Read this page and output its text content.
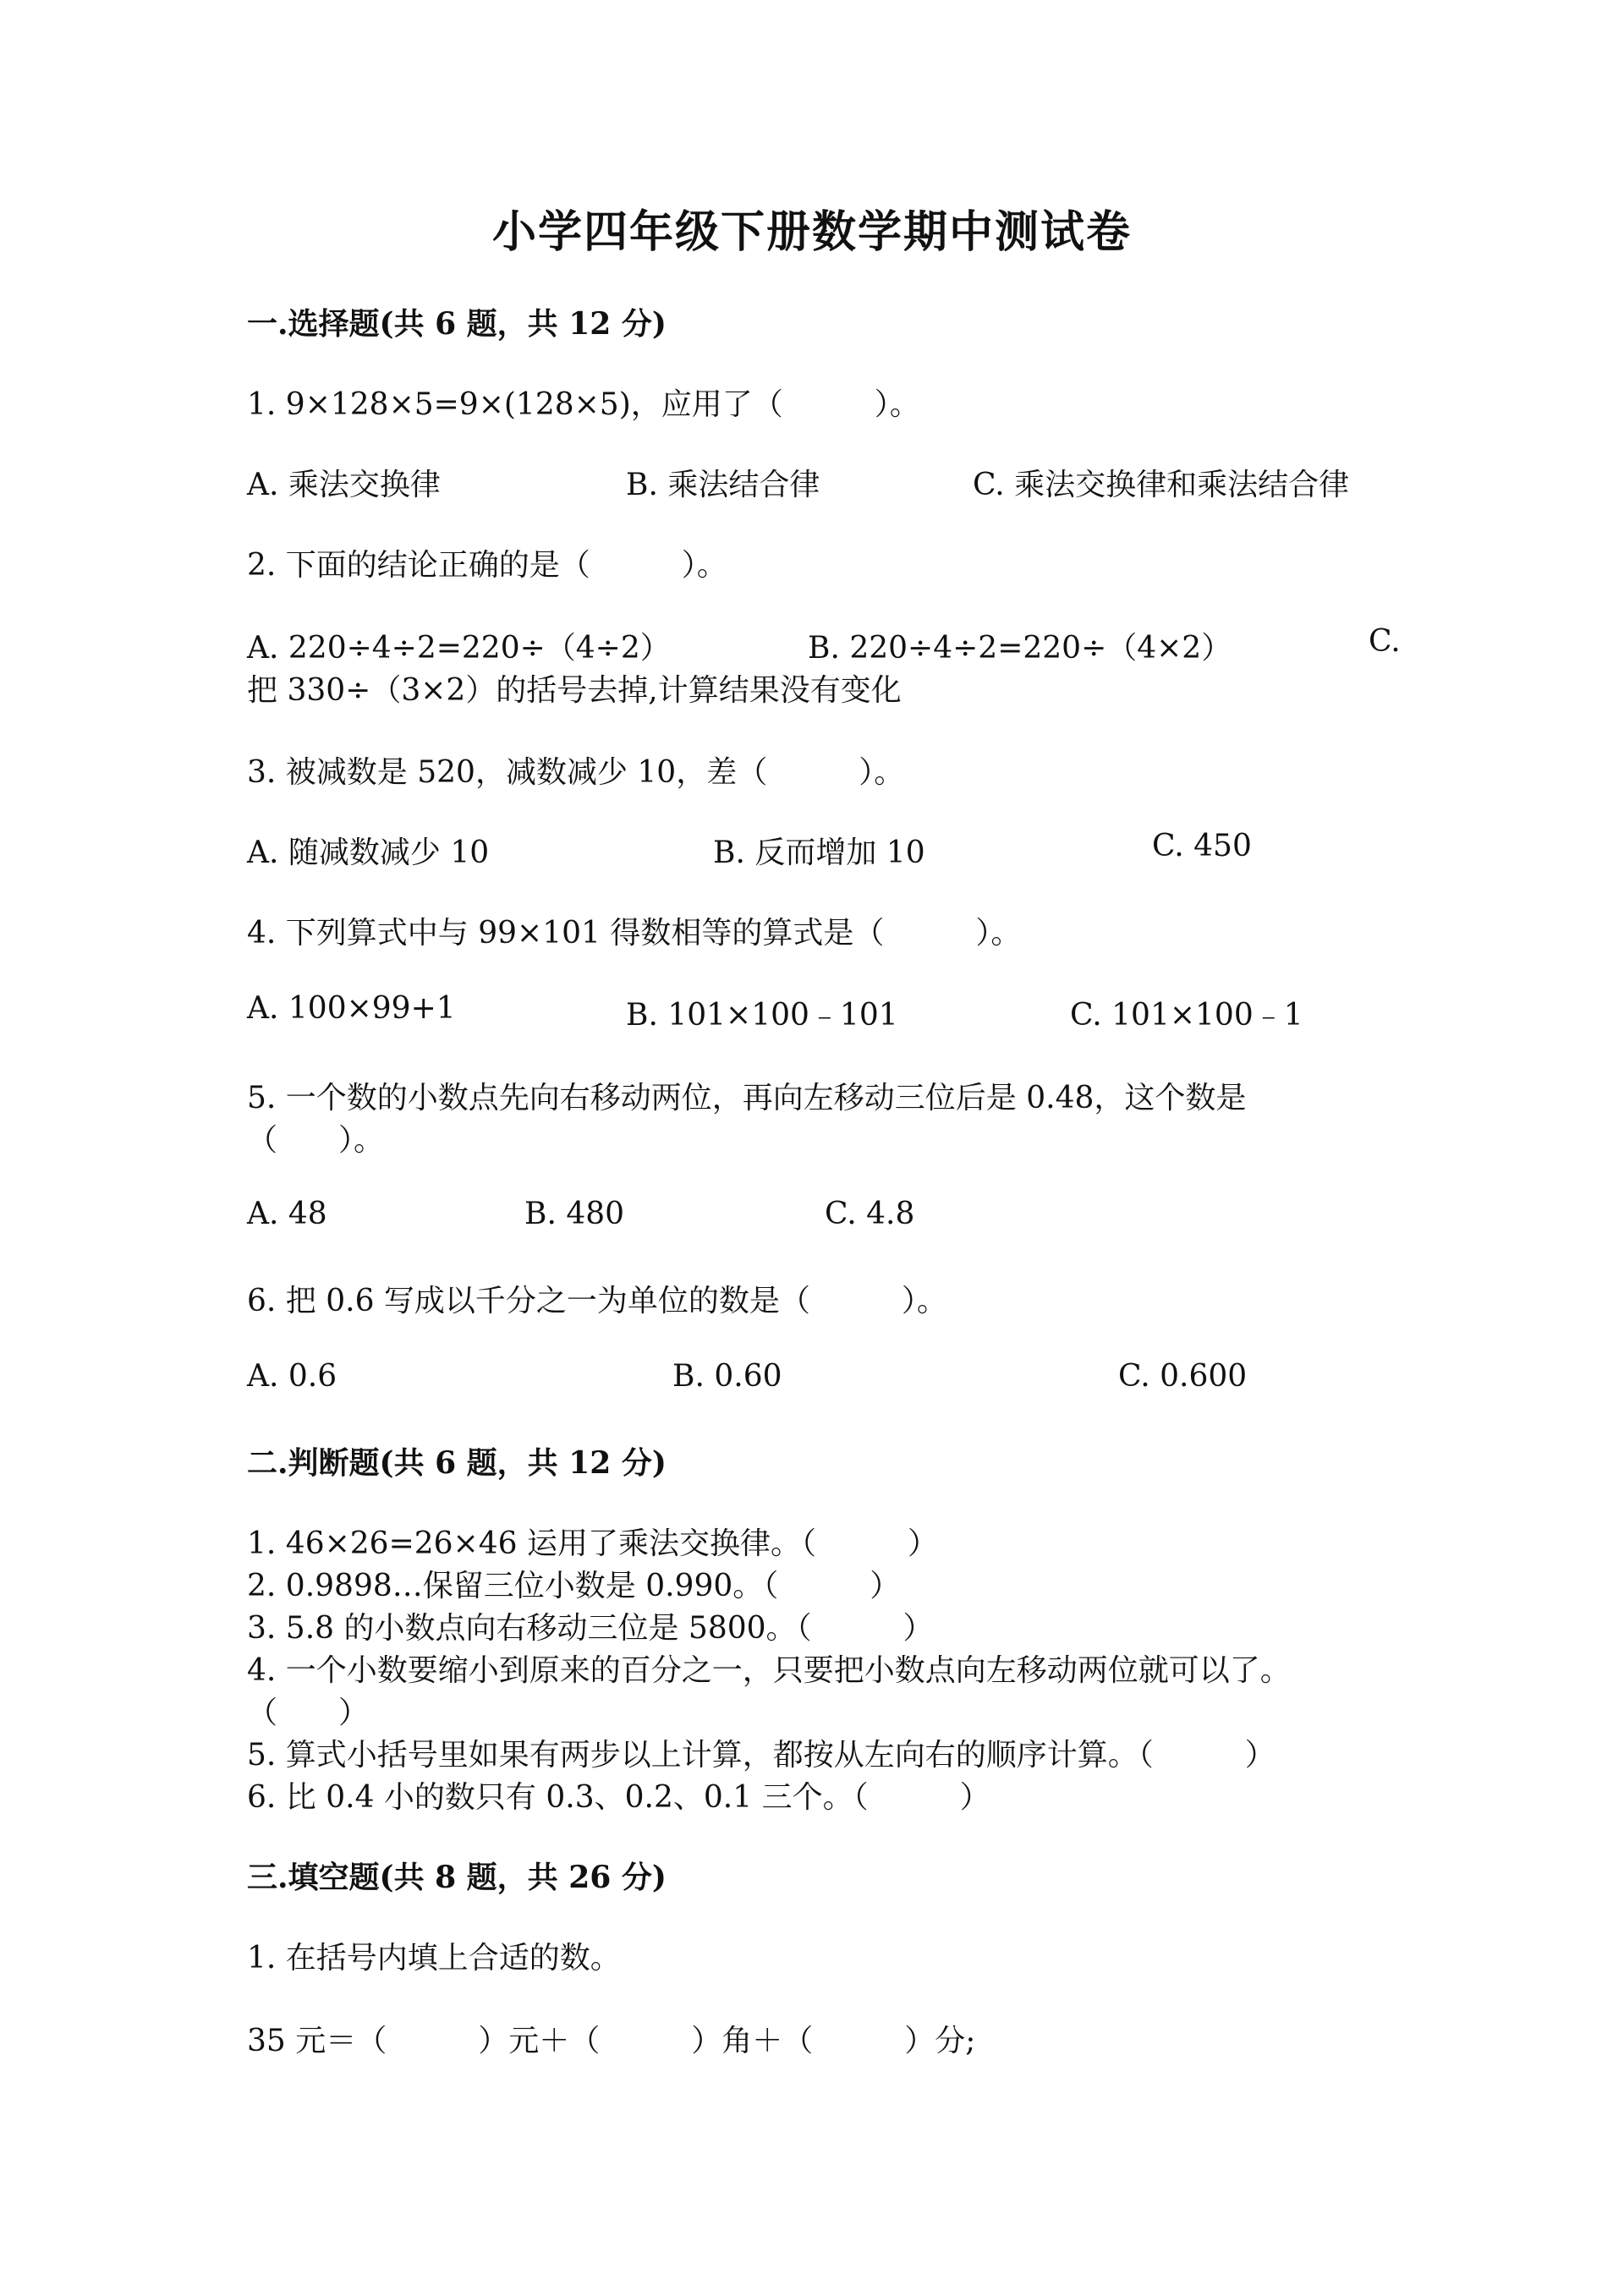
小学四年级下册数学期中测试卷
一.选择题(共 6 题，共 12 分)
1. 9×128×5=9×(128×5)，应用了（　　　）。
A. 乘法交换律	B. 乘法结合律	C. 乘法交换律和乘法结合律
2. 下面的结论正确的是（　　　）。
A. 220÷4÷2=220÷（4÷2）	B. 220÷4÷2=220÷（4×2）	C.
把 330÷（3×2）的括号去掉,计算结果没有变化
3. 被减数是 520，减数减少 10，差（　　　）。
A. 随减数减少 10	B. 反而增加 10	C. 450
4. 下列算式中与 99×101 得数相等的算式是（　　　）。
A. 100×99+1	B. 101×100﹣101	C. 101×100﹣1
5. 一个数的小数点先向右移动两位，再向左移动三位后是 0.48，这个数是
（　　）。
A. 48	B. 480	C. 4.8
6. 把 0.6 写成以千分之一为单位的数是（　　　）。
A. 0.6	B. 0.60	C. 0.600
二.判断题(共 6 题，共 12 分)
1. 46×26=26×46 运用了乘法交换律。（　　　）
2. 0.9898…保留三位小数是 0.990。（　　　）
3. 5.8 的小数点向右移动三位是 5800。（　　　）
4. 一个小数要缩小到原来的百分之一，只要把小数点向左移动两位就可以了。
（　　）
5. 算式小括号里如果有两步以上计算，都按从左向右的顺序计算。（　　　）
6. 比 0.4 小的数只有 0.3、0.2、0.1 三个。（　　　）
三.填空题(共 8 题，共 26 分)
1. 在括号内填上合适的数。
35 元＝（　　　）元＋（　　　）角＋（　　　）分;
